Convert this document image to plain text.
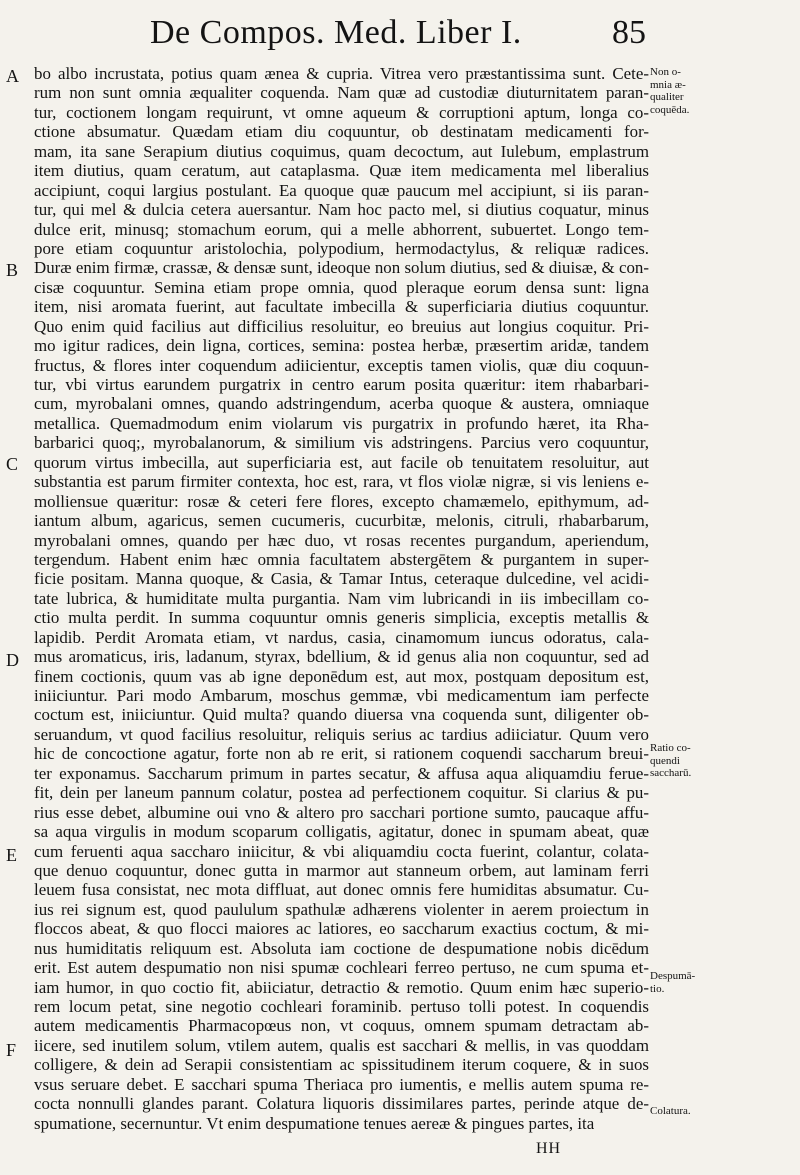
De Compos. Med. Liber I.	85
A
B
C
D
E
F
bo albo incrustata, potius quam ænea & cupria. Vitrea vero præstantissima sunt. Cete-
rum non sunt omnia æqualiter coquenda. Nam quæ ad custodiæ diuturnitatem paran-
tur, coctionem longam requirunt, vt omne aqueum & corruptioni aptum, longa co-
ctione absumatur. Quædam etiam diu coquuntur, ob destinatam medicamenti for-
mam, ita sane Serapium diutius coquimus, quam decoctum, aut Iulebum, emplastrum
item diutius, quam ceratum, aut cataplasma. Quæ item medicamenta mel liberalius
accipiunt, coqui largius postulant. Ea quoque quæ paucum mel accipiunt, si iis paran-
tur, qui mel & dulcia cetera auersantur. Nam hoc pacto mel, si diutius coquatur, minus
dulce erit, minusq; stomachum eorum, qui a melle abhorrent, subuertet. Longo tem-
pore etiam coquuntur aristolochia, polypodium, hermodactylus, & reliquæ radices.
Duræ enim firmæ, crassæ, & densæ sunt, ideoque non solum diutius, sed & diuisæ, & con-
cisæ coquuntur. Semina etiam prope omnia, quod pleraque eorum densa sunt: ligna
item, nisi aromata fuerint, aut facultate imbecilla & superficiaria diutius coquuntur.
Quo enim quid facilius aut difficilius resoluitur, eo breuius aut longius coquitur. Pri-
mo igitur radices, dein ligna, cortices, semina: postea herbæ, præsertim aridæ, tandem
fructus, & flores inter coquendum adiicientur, exceptis tamen violis, quæ diu coquun-
tur, vbi virtus earundem purgatrix in centro earum posita quæritur: item rhabarbari-
cum, myrobalani omnes, quando adstringendum, acerba quoque & austera, omniaque
metallica. Quemadmodum enim violarum vis purgatrix in profundo hæret, ita Rha-
barbarici quoq;, myrobalanorum, & similium vis adstringens. Parcius vero coquuntur,
quorum virtus imbecilla, aut superficiaria est, aut facile ob tenuitatem resoluitur, aut
substantia est parum firmiter contexta, hoc est, rara, vt flos violæ nigræ, si vis leniens e-
molliensue quæritur: rosæ & ceteri fere flores, excepto chamæmelo, epithymum, ad-
iantum album, agaricus, semen cucumeris, cucurbitæ, melonis, citruli, rhabarbarum,
myrobalani omnes, quando per hæc duo, vt rosas recentes purgandum, aperiendum,
tergendum. Habent enim hæc omnia facultatem abstergētem & purgantem in super-
ficie positam. Manna quoque, & Casia, & Tamar Intus, ceteraque dulcedine, vel acidi-
tate lubrica, & humiditate multa purgantia. Nam vim lubricandi in iis imbecillam co-
ctio multa perdit. In summa coquuntur omnis generis simplicia, exceptis metallis &
lapidib. Perdit Aromata etiam, vt nardus, casia, cinamomum iuncus odoratus, cala-
mus aromaticus, iris, ladanum, styrax, bdellium, & id genus alia non coquuntur, sed ad
finem coctionis, quum vas ab igne deponēdum est, aut mox, postquam depositum est,
iniiciuntur. Pari modo Ambarum, moschus gemmæ, vbi medicamentum iam perfecte
coctum est, iniiciuntur. Quid multa? quando diuersa vna coquenda sunt, diligenter ob-
seruandum, vt quod facilius resoluitur, reliquis serius ac tardius adiiciatur. Quum vero
hic de concoctione agatur, forte non ab re erit, si rationem coquendi saccharum breui-
ter exponamus. Saccharum primum in partes secatur, & affusa aqua aliquamdiu ferue-
fit, dein per laneum pannum colatur, postea ad perfectionem coquitur. Si clarius & pu-
rius esse debet, albumine oui vno & altero pro sacchari portione sumto, paucaque affu-
sa aqua virgulis in modum scoparum colligatis, agitatur, donec in spumam abeat, quæ
cum feruenti aqua saccharo iniicitur, & vbi aliquamdiu cocta fuerint, colantur, colata-
que denuo coquuntur, donec gutta in marmor aut stanneum orbem, aut laminam ferri
leuem fusa consistat, nec mota diffluat, aut donec omnis fere humiditas absumatur. Cu-
ius rei signum est, quod paululum spathulæ adhærens violenter in aerem proiectum in
floccos abeat, & quo flocci maiores ac latiores, eo saccharum exactius coctum, & mi-
nus humiditatis reliquum est. Absoluta iam coctione de despumatione nobis dicēdum
erit. Est autem despumatio non nisi spumæ cochleari ferreo pertuso, ne cum spuma et-
iam humor, in quo coctio fit, abiiciatur, detractio & remotio. Quum enim hæc superio-
rem locum petat, sine negotio cochleari foraminib. pertuso tolli potest. In coquendis
autem medicamentis Pharmacopœus non, vt coquus, omnem spumam detractam ab-
iicere, sed inutilem solum, vtilem autem, qualis est sacchari & mellis, in vas quoddam
colligere, & dein ad Serapii consistentiam ac spissitudinem iterum coquere, & in suos
vsus seruare debet. E sacchari spuma Theriaca pro iumentis, e mellis autem spuma re-
cocta nonnulli glandes parant. Colatura liquoris dissimilares partes, perinde atque de-
spumatione, secernuntur. Vt enim despumatione tenues aereæ & pingues partes, ita
Non o-
mnia æ-
qualiter
coquēda.
Ratio co-
quendi
saccharū.
Despumā-
tio.
Colatura.
HH
